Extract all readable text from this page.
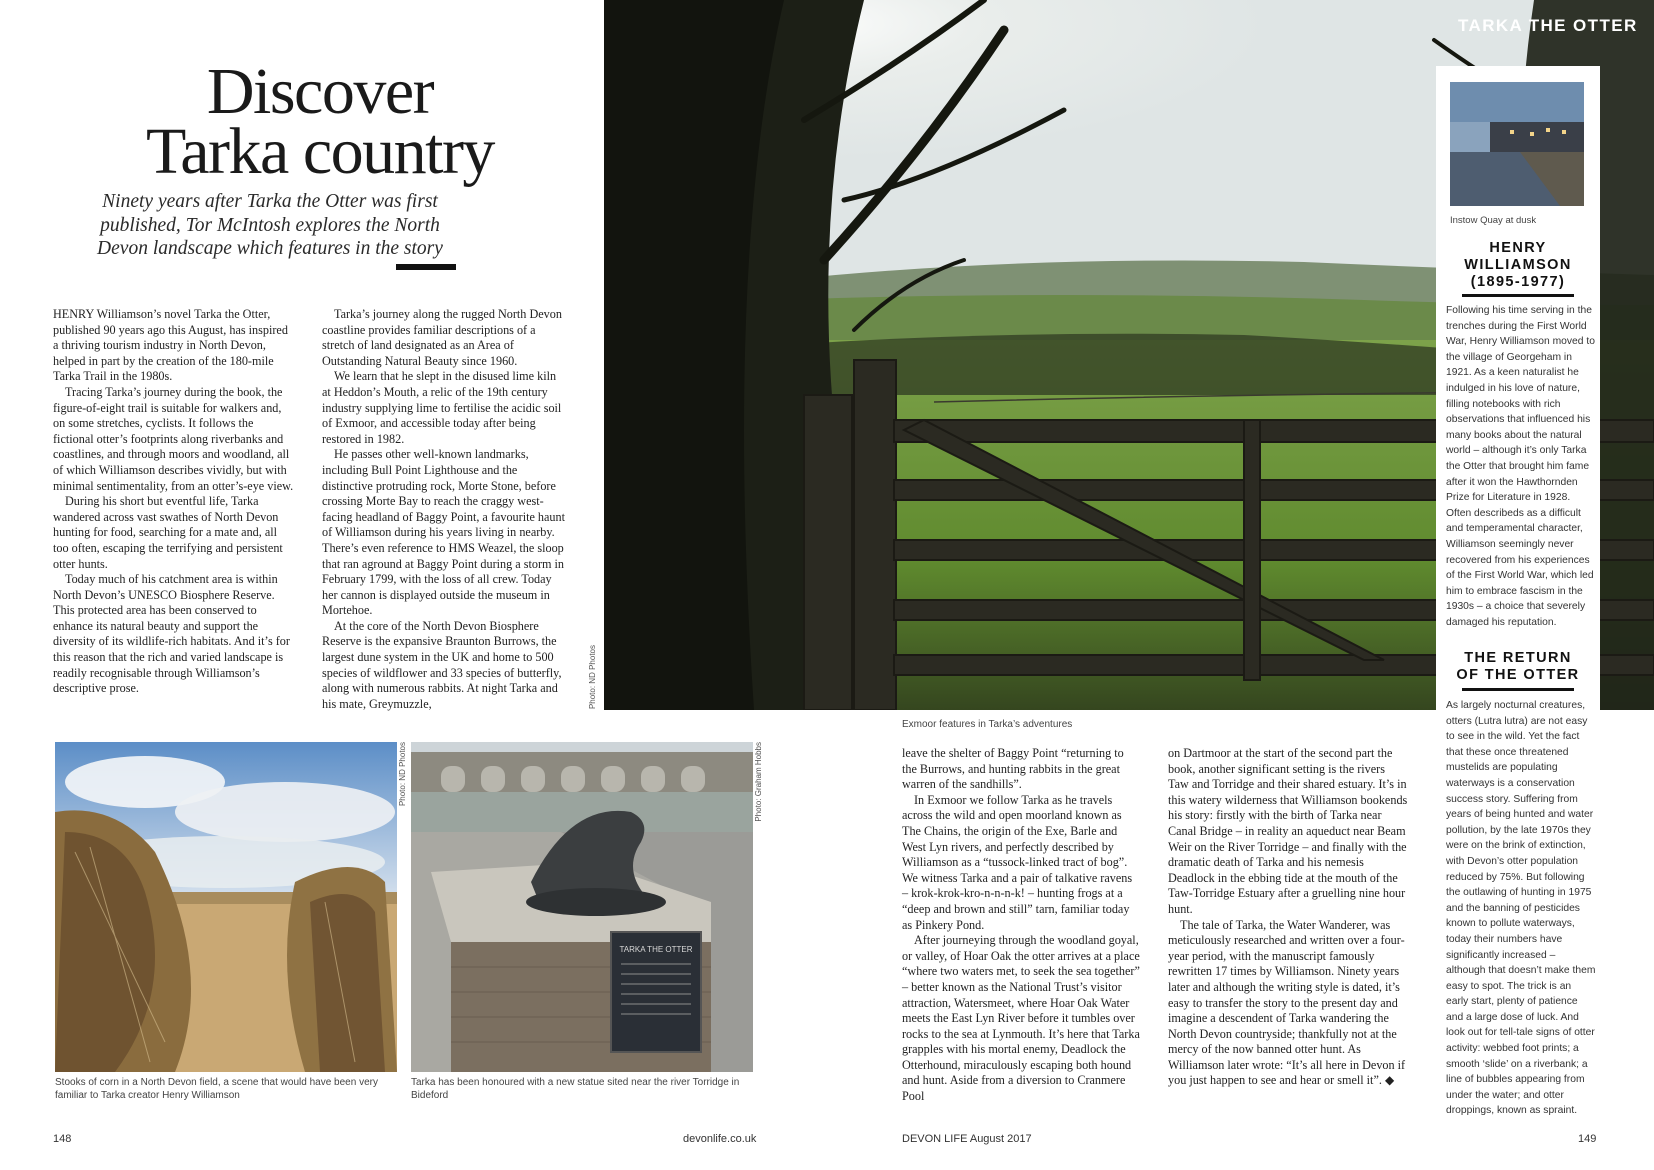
TARKA THE OTTER
Discover
Tarka country
Ninety years after Tarka the Otter was first
published, Tor McIntosh explores the North
Devon landscape which features in the story

HENRY Williamson’s novel Tarka the Otter, published 90 years ago this August, has inspired a thriving tourism industry in North Devon, helped in part by the creation of the 180-mile Tarka Trail in the 1980s.

Tracing Tarka’s journey during the book, the figure-of-eight trail is suitable for walkers and, on some stretches, cyclists. It follows the fictional otter’s footprints along riverbanks and coastlines, and through moors and woodland, all of which Williamson describes vividly, but with minimal sentimentality, from an otter’s-eye view.

During his short but eventful life, Tarka wandered across vast swathes of North Devon hunting for food, searching for a mate and, all too often, escaping the terrifying and persistent otter hunts.

Today much of his catchment area is within North Devon’s UNESCO Biosphere Reserve. This protected area has been conserved to enhance its natural beauty and support the diversity of its wildlife-rich habitats. And it’s for this reason that the rich and varied landscape is readily recognisable through Williamson’s descriptive prose.

Tarka’s journey along the rugged North Devon coastline provides familiar descriptions of a stretch of land designated as an Area of Outstanding Natural Beauty since 1960.

We learn that he slept in the disused lime kiln at Heddon’s Mouth, a relic of the 19th century industry supplying lime to fertilise the acidic soil of Exmoor, and accessible today after being restored in 1982.

He passes other well-known landmarks, including Bull Point Lighthouse and the distinctive protruding rock, Morte Stone, before crossing Morte Bay to reach the craggy west-facing headland of Baggy Point, a favourite haunt of Williamson during his years living in nearby. There’s even reference to HMS Weazel, the sloop that ran aground at Baggy Point during a storm in February 1799, with the loss of all crew. Today her cannon is displayed outside the museum in Mortehoe.

At the core of the North Devon Biosphere Reserve is the expansive Braunton Burrows, the largest dune system in the UK and home to 500 species of wildflower and 33 species of butterfly, along with numerous rabbits. At night Tarka and his mate, Greymuzzle,	Photo: ND Photos
Exmoor features in Tarka’s adventures
Photo: ND Photos
TARKA THE OTTER
Photo: Graham Hobbs
Stooks of corn in a North Devon field, a scene that would have been very familiar to Tarka creator Henry Williamson
Tarka has been honoured with a new statue sited near the river Torridge in Bideford

leave the shelter of Baggy Point “returning to the Burrows, and hunting rabbits in the great warren of the sandhills”.

In Exmoor we follow Tarka as he travels across the wild and open moorland known as The Chains, the origin of the Exe, Barle and West Lyn rivers, and perfectly described by Williamson as a “tussock-linked tract of bog”. We witness Tarka and a pair of talkative ravens – krok-krok-kro-n-n-n-k! – hunting frogs at a “deep and brown and still” tarn, familiar today as Pinkery Pond.

After journeying through the woodland goyal, or valley, of Hoar Oak the otter arrives at a place “where two waters met, to seek the sea together” – better known as the National Trust’s visitor attraction, Watersmeet, where Hoar Oak Water meets the East Lyn River before it tumbles over rocks to the sea at Lynmouth. It’s here that Tarka grapples with his mortal enemy, Deadlock the Otterhound, miraculously escaping both hound and hunt. Aside from a diversion to Cranmere Pool

on Dartmoor at the start of the second part the book, another significant setting is the rivers Taw and Torridge and their shared estuary. It’s in this watery wilderness that Williamson bookends his story: firstly with the birth of Tarka near Canal Bridge – in reality an aqueduct near Beam Weir on the River Torridge – and finally with the dramatic death of Tarka and his nemesis Deadlock in the ebbing tide at the mouth of the Taw-Torridge Estuary after a gruelling nine hour hunt.

The tale of Tarka, the Water Wanderer, was meticulously researched and written over a four-year period, with the manuscript famously rewritten 17 times by Williamson. Ninety years later and although the writing style is dated, it’s easy to transfer the story to the present day and imagine a descendent of Tarka wandering the North Devon countryside; thankfully not at the mercy of the now banned otter hunt. As Williamson later wrote: “It’s all here in Devon if you just happen to see and hear or smell it”. ◆

Instow Quay at dusk
HENRY
WILLIAMSON
(1895-1977)
Following his time serving in the trenches during the First World War, Henry Williamson moved to the village of Georgeham in 1921. As a keen naturalist he indulged in his love of nature, filling notebooks with rich observations that influenced his many books about the natural world – although it’s only Tarka the Otter that brought him fame after it won the Hawthornden Prize for Literature in 1928. Often describeds as a difficult and temperamental character, Williamson seemingly never recovered from his experiences of the First World War, which led him to embrace fascism in the 1930s – a choice that severely damaged his reputation.
THE RETURN
OF THE OTTER
As largely nocturnal creatures, otters (Lutra lutra) are not easy to see in the wild. Yet the fact that these once threatened mustelids are populating waterways is a conservation success story. Suffering from years of being hunted and water pollution, by the late 1970s they were on the brink of extinction, with Devon’s otter population reduced by 75%. But following the outlawing of hunting in 1975 and the banning of pesticides known to pollute waterways, today their numbers have significantly increased – although that doesn’t make them easy to spot. The trick is an early start, plenty of patience and a large dose of luck. And look out for tell-tale signs of otter activity: webbed foot prints; a smooth ‘slide’ on a riverbank; a line of bubbles appearing from under the water; and otter droppings, known as spraint.
148	devonlife.co.uk	DEVON LIFE August 2017	149
